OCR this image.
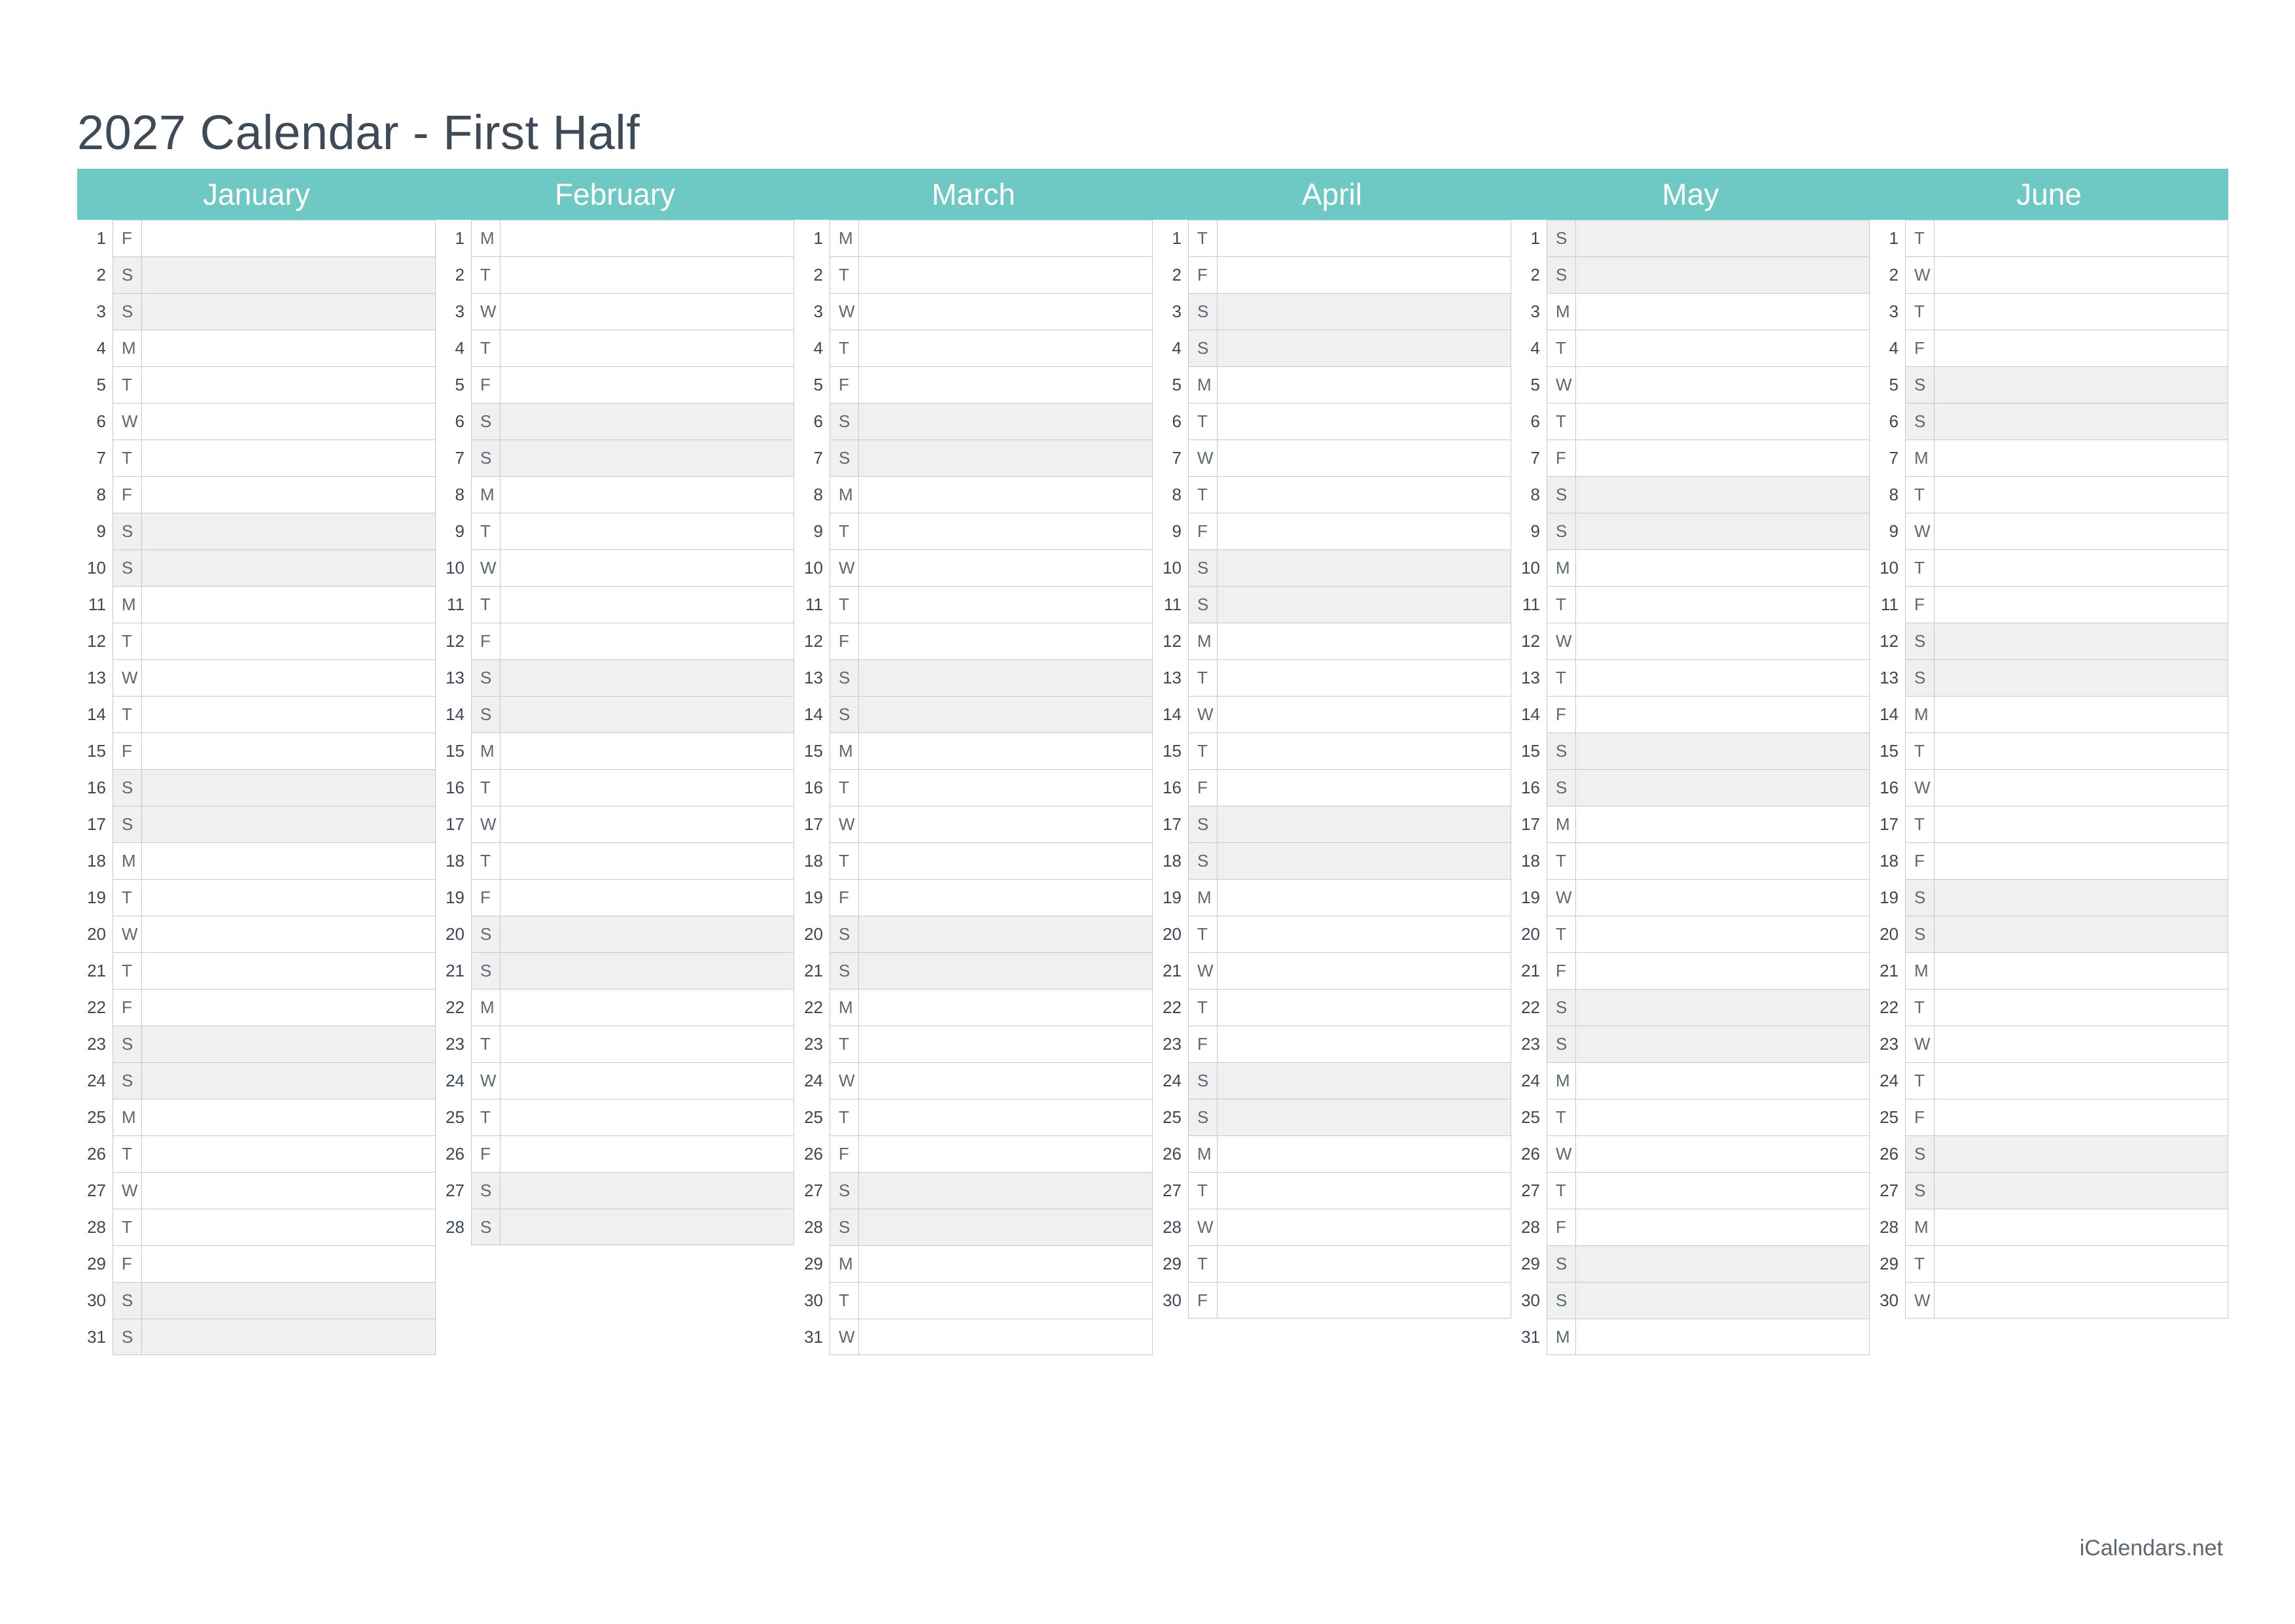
2027 Calendar - First Half
January
1 F
2 S
3 S
4 M
5 T
6 W
7 T
8 F
9 S
10 S
11 M
12 T
13 W
14 T
15 F
16 S
17 S
18 M
19 T
20 W
21 T
22 F
23 S
24 S
25 M
26 T
27 W
28 T
29 F
30 S
31 S
February
1 M
2 T
3 W
4 T
5 F
6 S
7 S
8 M
9 T
10 W
11 T
12 F
13 S
14 S
15 M
16 T
17 W
18 T
19 F
20 S
21 S
22 M
23 T
24 W
25 T
26 F
27 S
28 S
March
1 M
2 T
3 W
4 T
5 F
6 S
7 S
8 M
9 T
10 W
11 T
12 F
13 S
14 S
15 M
16 T
17 W
18 T
19 F
20 S
21 S
22 M
23 T
24 W
25 T
26 F
27 S
28 S
29 M
30 T
31 W
April
1 T
2 F
3 S
4 S
5 M
6 T
7 W
8 T
9 F
10 S
11 S
12 M
13 T
14 W
15 T
16 F
17 S
18 S
19 M
20 T
21 W
22 T
23 F
24 S
25 S
26 M
27 T
28 W
29 T
30 F
May
1 S
2 S
3 M
4 T
5 W
6 T
7 F
8 S
9 S
10 M
11 T
12 W
13 T
14 F
15 S
16 S
17 M
18 T
19 W
20 T
21 F
22 S
23 S
24 M
25 T
26 W
27 T
28 F
29 S
30 S
31 M
June
1 T
2 W
3 T
4 F
5 S
6 S
7 M
8 T
9 W
10 T
11 F
12 S
13 S
14 M
15 T
16 W
17 T
18 F
19 S
20 S
21 M
22 T
23 W
24 T
25 F
26 S
27 S
28 M
29 T
30 W
iCalendars.net
